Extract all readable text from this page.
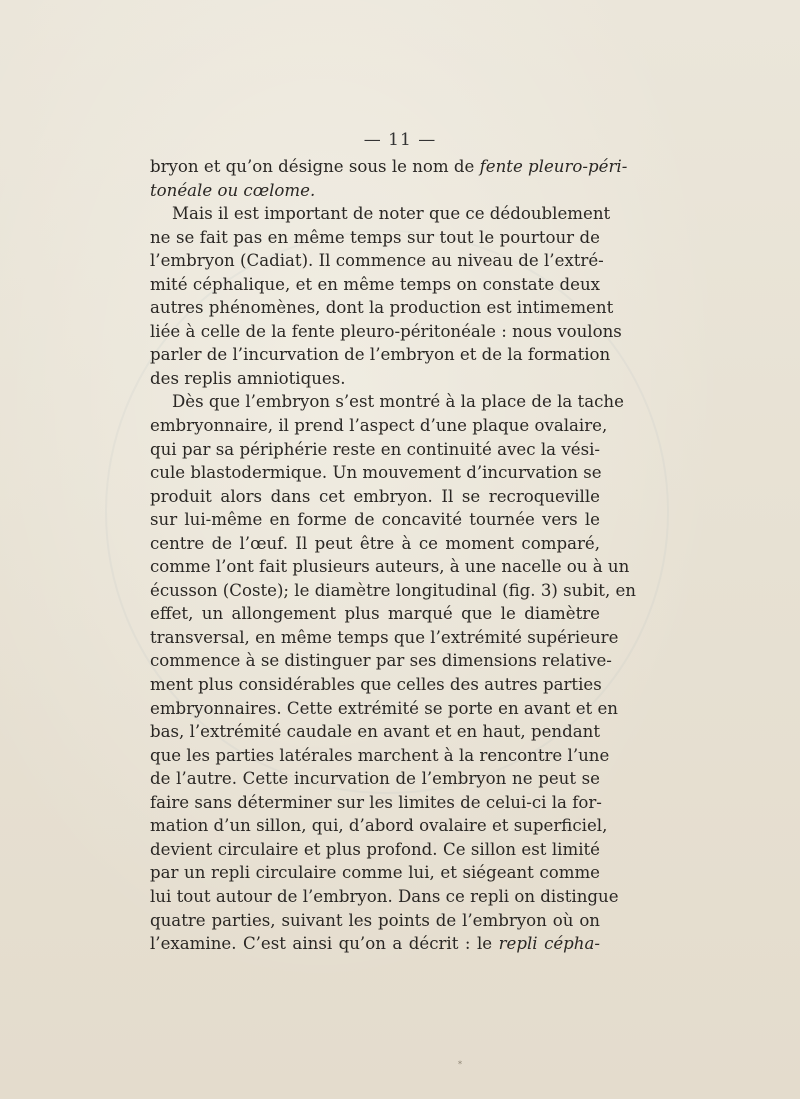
— 11 —
bryon et qu’on désigne sous le nom de fente pleuro-péri-
tonéale ou cœlome.
Mais il est important de noter que ce dédoublement
ne se fait pas en même temps sur tout le pourtour de
l’embryon (Cadiat). Il commence au niveau de l’extré-
mité céphalique, et en même temps on constate deux
autres phénomènes, dont la production est intimement
liée à celle de la fente pleuro-péritonéale : nous voulons
parler de l’incurvation de l’embryon et de la formation
des replis amniotiques.
Dès que l’embryon s’est montré à la place de la tache
embryonnaire, il prend l’aspect d’une plaque ovalaire,
qui par sa périphérie reste en continuité avec la vési-
cule blastodermique. Un mouvement d’incurvation se
produit alors dans cet embryon. Il se recroqueville
sur lui-même en forme de concavité tournée vers le
centre de l’œuf. Il peut être à ce moment comparé,
comme l’ont fait plusieurs auteurs, à une nacelle ou à un
écusson (Coste); le diamètre longitudinal (fig. 3) subit, en
effet, un allongement plus marqué que le diamètre
transversal, en même temps que l’extrémité supérieure
commence à se distinguer par ses dimensions relative-
ment plus considérables que celles des autres parties
embryonnaires. Cette extrémité se porte en avant et en
bas, l’extrémité caudale en avant et en haut, pendant
que les parties latérales marchent à la rencontre l’une
de l’autre. Cette incurvation de l’embryon ne peut se
faire sans déterminer sur les limites de celui-ci la for-
mation d’un sillon, qui, d’abord ovalaire et superficiel,
devient circulaire et plus profond. Ce sillon est limité
par un repli circulaire comme lui, et siégeant comme
lui tout autour de l’embryon. Dans ce repli on distingue
quatre parties, suivant les points de l’embryon où on
l’examine. C’est ainsi qu’on a décrit : le repli cépha-
*
